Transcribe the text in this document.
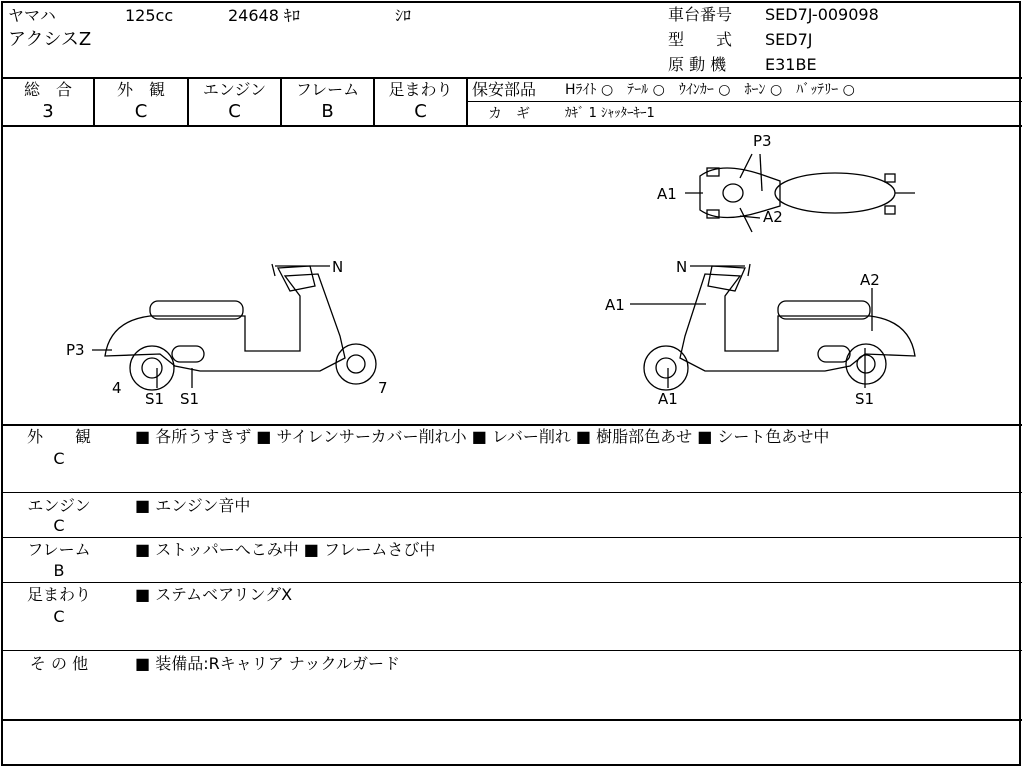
ヤマハ	125cc	24648 ｷﾛ	ｼﾛ
アクシスZ
車台番号 SED7J-009098
型　　式 SED7J
原 動 機 E31BE
総　合
3
外　観
C
エンジン
C
フレーム
B
足まわり
C
保安部品 Hﾗｲﾄ ○　ﾃｰﾙ ○　ｳｲﾝｶｰ ○　ﾎｰﾝ ○　ﾊﾞｯﾃﾘｰ ○
カ　ギ	ｶｷﾞ 1 ｼｬｯﾀｰｷｰ1
P3
A1
A2
N
P3
4	7
S1 S1
N
A1
A2
A1	S1
外　　観
C
■ 各所うすきず ■ サイレンサーカバー削れ小 ■ レバー削れ ■ 樹脂部色あせ ■ シート色あせ中
エンジン
C
■ エンジン音中
フレーム
B
■ ストッパーへこみ中 ■ フレームさび中
足まわり
C
■ ステムベアリングX
そ の 他	■ 装備品:Rキャリア ナックルガード
